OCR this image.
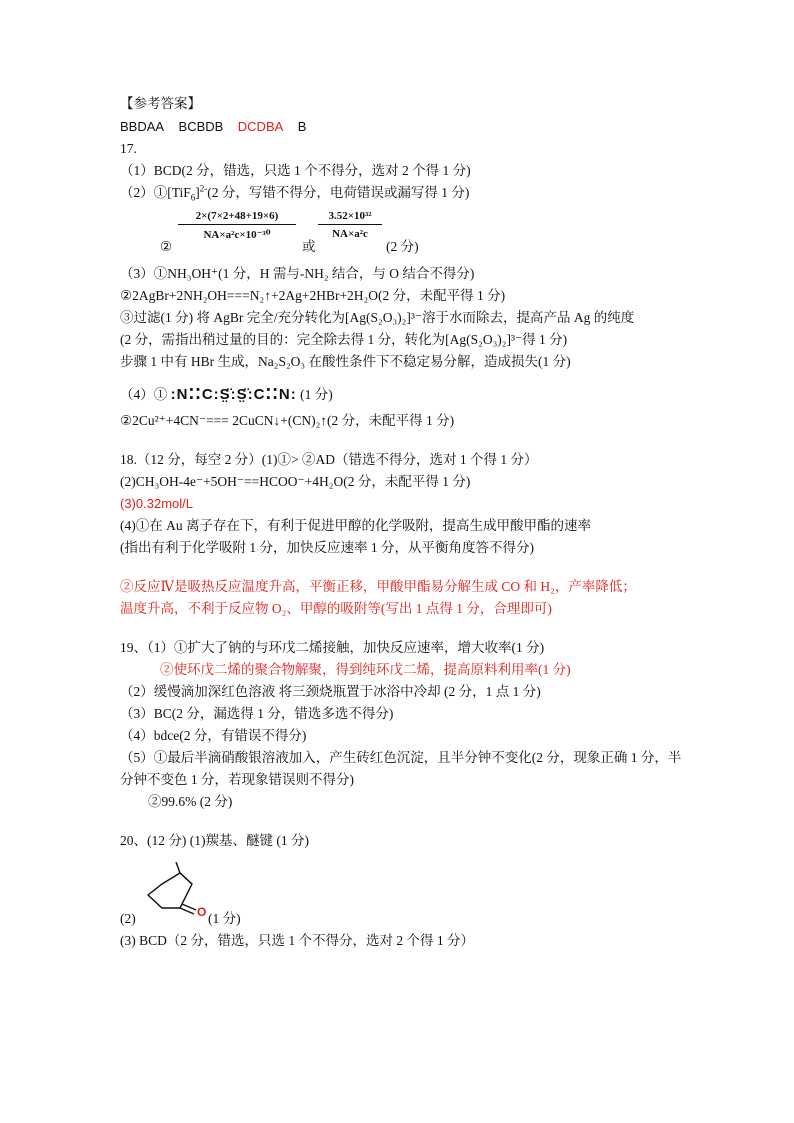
【参考答案】
BBDAA BCBDB DCDBA B
17.
（1）BCD(2 分，错选，只选 1 个不得分，选对 2 个得 1 分)
$(2)①[TiF_6]^{2-}(2$ 分，写错不得分，电荷错误或漏写得 1 分)
②
$\frac{2\times(7\times 2+48+19\times 6)}{\text{NA×a²c×10⁻³⁰}}$
或
$\frac{\text{3.52×10³²}}{\text{NA×a²c}}$
(2 分)
（3）①NH₃OH⁺(1 分，H 需与-NH₂ 结合，与 O 结合不得分)
②2AgBr+2NH₂OH===N₂↑+2Ag+2HBr+2H₂O(2 分，未配平得 1 分)
③过滤(1 分) 将 AgBr 完全/充分转化为[Ag(S₂O₃)₂]³⁻溶于水而除去，提高产品 Ag 的纯度
(2 分，需指出稍过量的目的：完全除去得 1 分，转化为[Ag(S₂O₃)₂]³⁻得 1 分)
步骤 1 中有 HBr 生成，Na₂S₂O₃ 在酸性条件下不稳定易分解，造成损失(1 分)
（4）① :N⁚⁚C:S̤̈:S̤̈:C⁚⁚N: (1 分)
②2Cu²⁺+4CN⁻=== 2CuCN↓+(CN)₂↑(2 分，未配平得 1 分)
18.（12 分，每空 2 分）(1)①> ②AD（错选不得分，选对 1 个得 1 分）
(2)CH₃OH-4e⁻+5OH⁻==HCOO⁻+4H₂O(2 分，未配平得 1 分)
(3)0.32mol/L
(4)①在 Au 离子存在下，有利于促进甲醇的化学吸附，提高生成甲酸甲酯的速率
(指出有利于化学吸附 1 分，加快反应速率 1 分，从平衡角度答不得分)
②反应Ⅳ是吸热反应温度升高，平衡正移，甲酸甲酯易分解生成 CO 和 H₂，产率降低；
温度升高，不利于反应物 O₂、甲醇的吸附等(写出 1 点得 1 分，合理即可)
19、（1）①扩大了钠的与环戊二烯接触，加快反应速率，增大收率(1 分)
②使环戊二烯的聚合物解聚，得到纯环戊二烯，提高原料利用率(1 分)
（2）缓慢滴加深红色溶液 将三颈烧瓶置于冰浴中冷却 (2 分，1 点 1 分)
（3）BC(2 分，漏选得 1 分，错选多选不得分)
（4）bdce(2 分，有错误不得分)
（5）①最后半滴硝酸银溶液加入，产生砖红色沉淀，且半分钟不变化(2 分，现象正确 1 分，半
分钟不变色 1 分，若现象错误则不得分)
②99.6% (2 分)
20、(12 分) (1)羰基、醚键 (1 分)
(2)	O (1 分)
(3) BCD（2 分，错选，只选 1 个不得分，选对 2 个得 1 分）
